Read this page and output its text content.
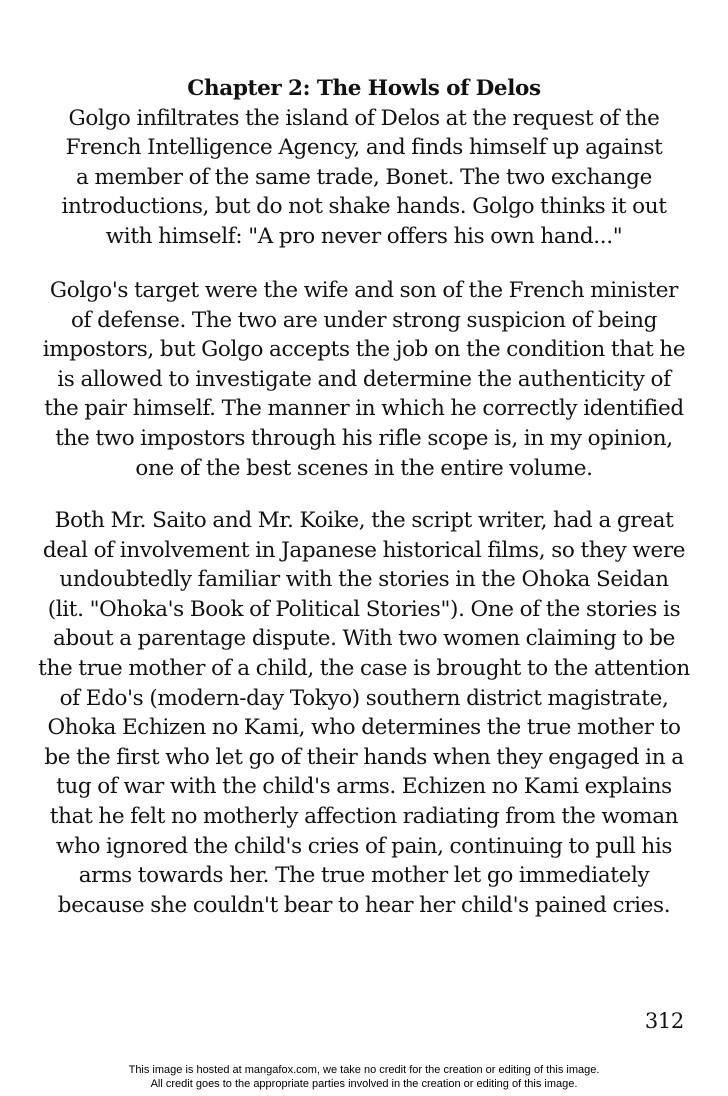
Chapter 2: The Howls of Delos
Golgo infiltrates the island of Delos at the request of the
French Intelligence Agency, and finds himself up against
a member of the same trade, Bonet. The two exchange
introductions, but do not shake hands. Golgo thinks it out
with himself: "A pro never offers his own hand..."
Golgo's target were the wife and son of the French minister
of defense. The two are under strong suspicion of being
impostors, but Golgo accepts the job on the condition that he
is allowed to investigate and determine the authenticity of
the pair himself. The manner in which he correctly identified
the two impostors through his rifle scope is, in my opinion,
one of the best scenes in the entire volume.
Both Mr. Saito and Mr. Koike, the script writer, had a great
deal of involvement in Japanese historical films, so they were
undoubtedly familiar with the stories in the Ohoka Seidan
(lit. "Ohoka's Book of Political Stories"). One of the stories is
about a parentage dispute. With two women claiming to be
the true mother of a child, the case is brought to the attention
of Edo's (modern-day Tokyo) southern district magistrate,
Ohoka Echizen no Kami, who determines the true mother to
be the first who let go of their hands when they engaged in a
tug of war with the child's arms. Echizen no Kami explains
that he felt no motherly affection radiating from the woman
who ignored the child's cries of pain, continuing to pull his
arms towards her. The true mother let go immediately
because she couldn't bear to hear her child's pained cries.
312
This image is hosted at mangafox.com, we take no credit for the creation or editing of this image.
All credit goes to the appropriate parties involved in the creation or editing of this image.
